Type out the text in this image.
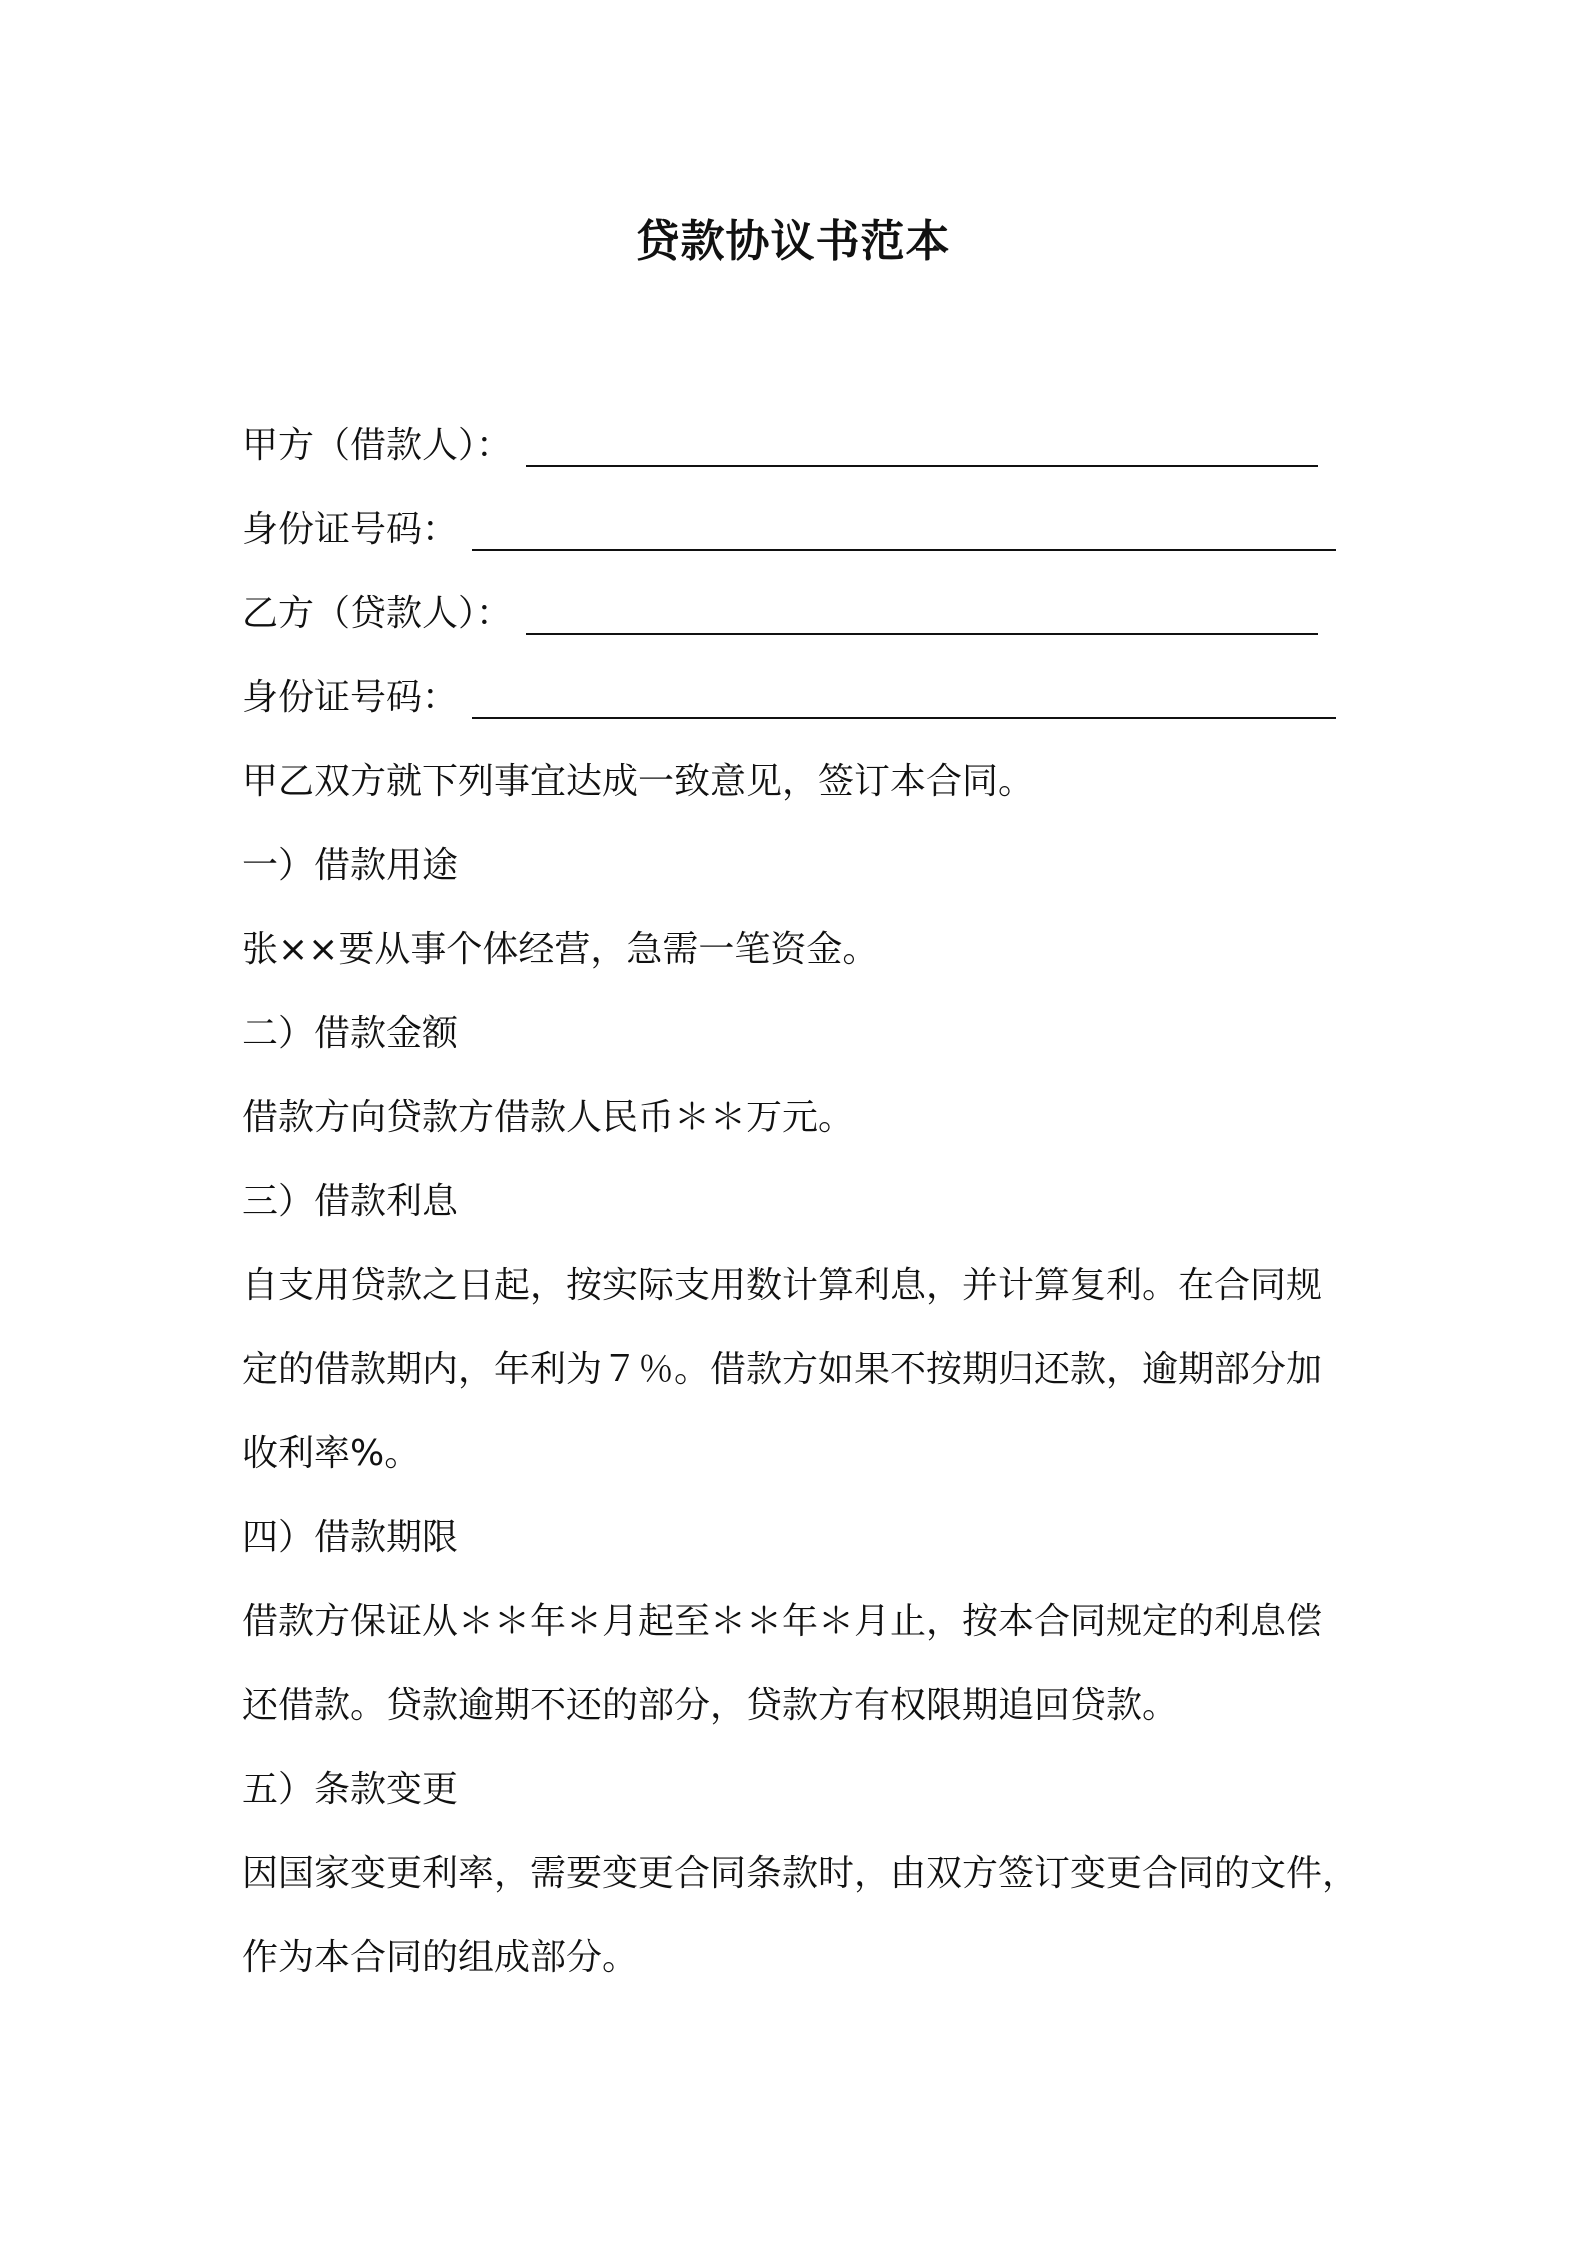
贷款协议书范本
甲方（借款人）：
身份证号码：
乙方（贷款人）：
身份证号码：
甲乙双方就下列事宜达成一致意见，签订本合同。
一）借款用途
张××要从事个体经营，急需一笔资金。
二）借款金额
借款方向贷款方借款人民币＊＊万元。
三）借款利息
自支用贷款之日起，按实际支用数计算利息，并计算复利。在合同规
定的借款期内，年利为７％。借款方如果不按期归还款，逾期部分加
收利率%。
四）借款期限
借款方保证从＊＊年＊月起至＊＊年＊月止，按本合同规定的利息偿
还借款。贷款逾期不还的部分，贷款方有权限期追回贷款。
五）条款变更
因国家变更利率，需要变更合同条款时，由双方签订变更合同的文件，
作为本合同的组成部分。
